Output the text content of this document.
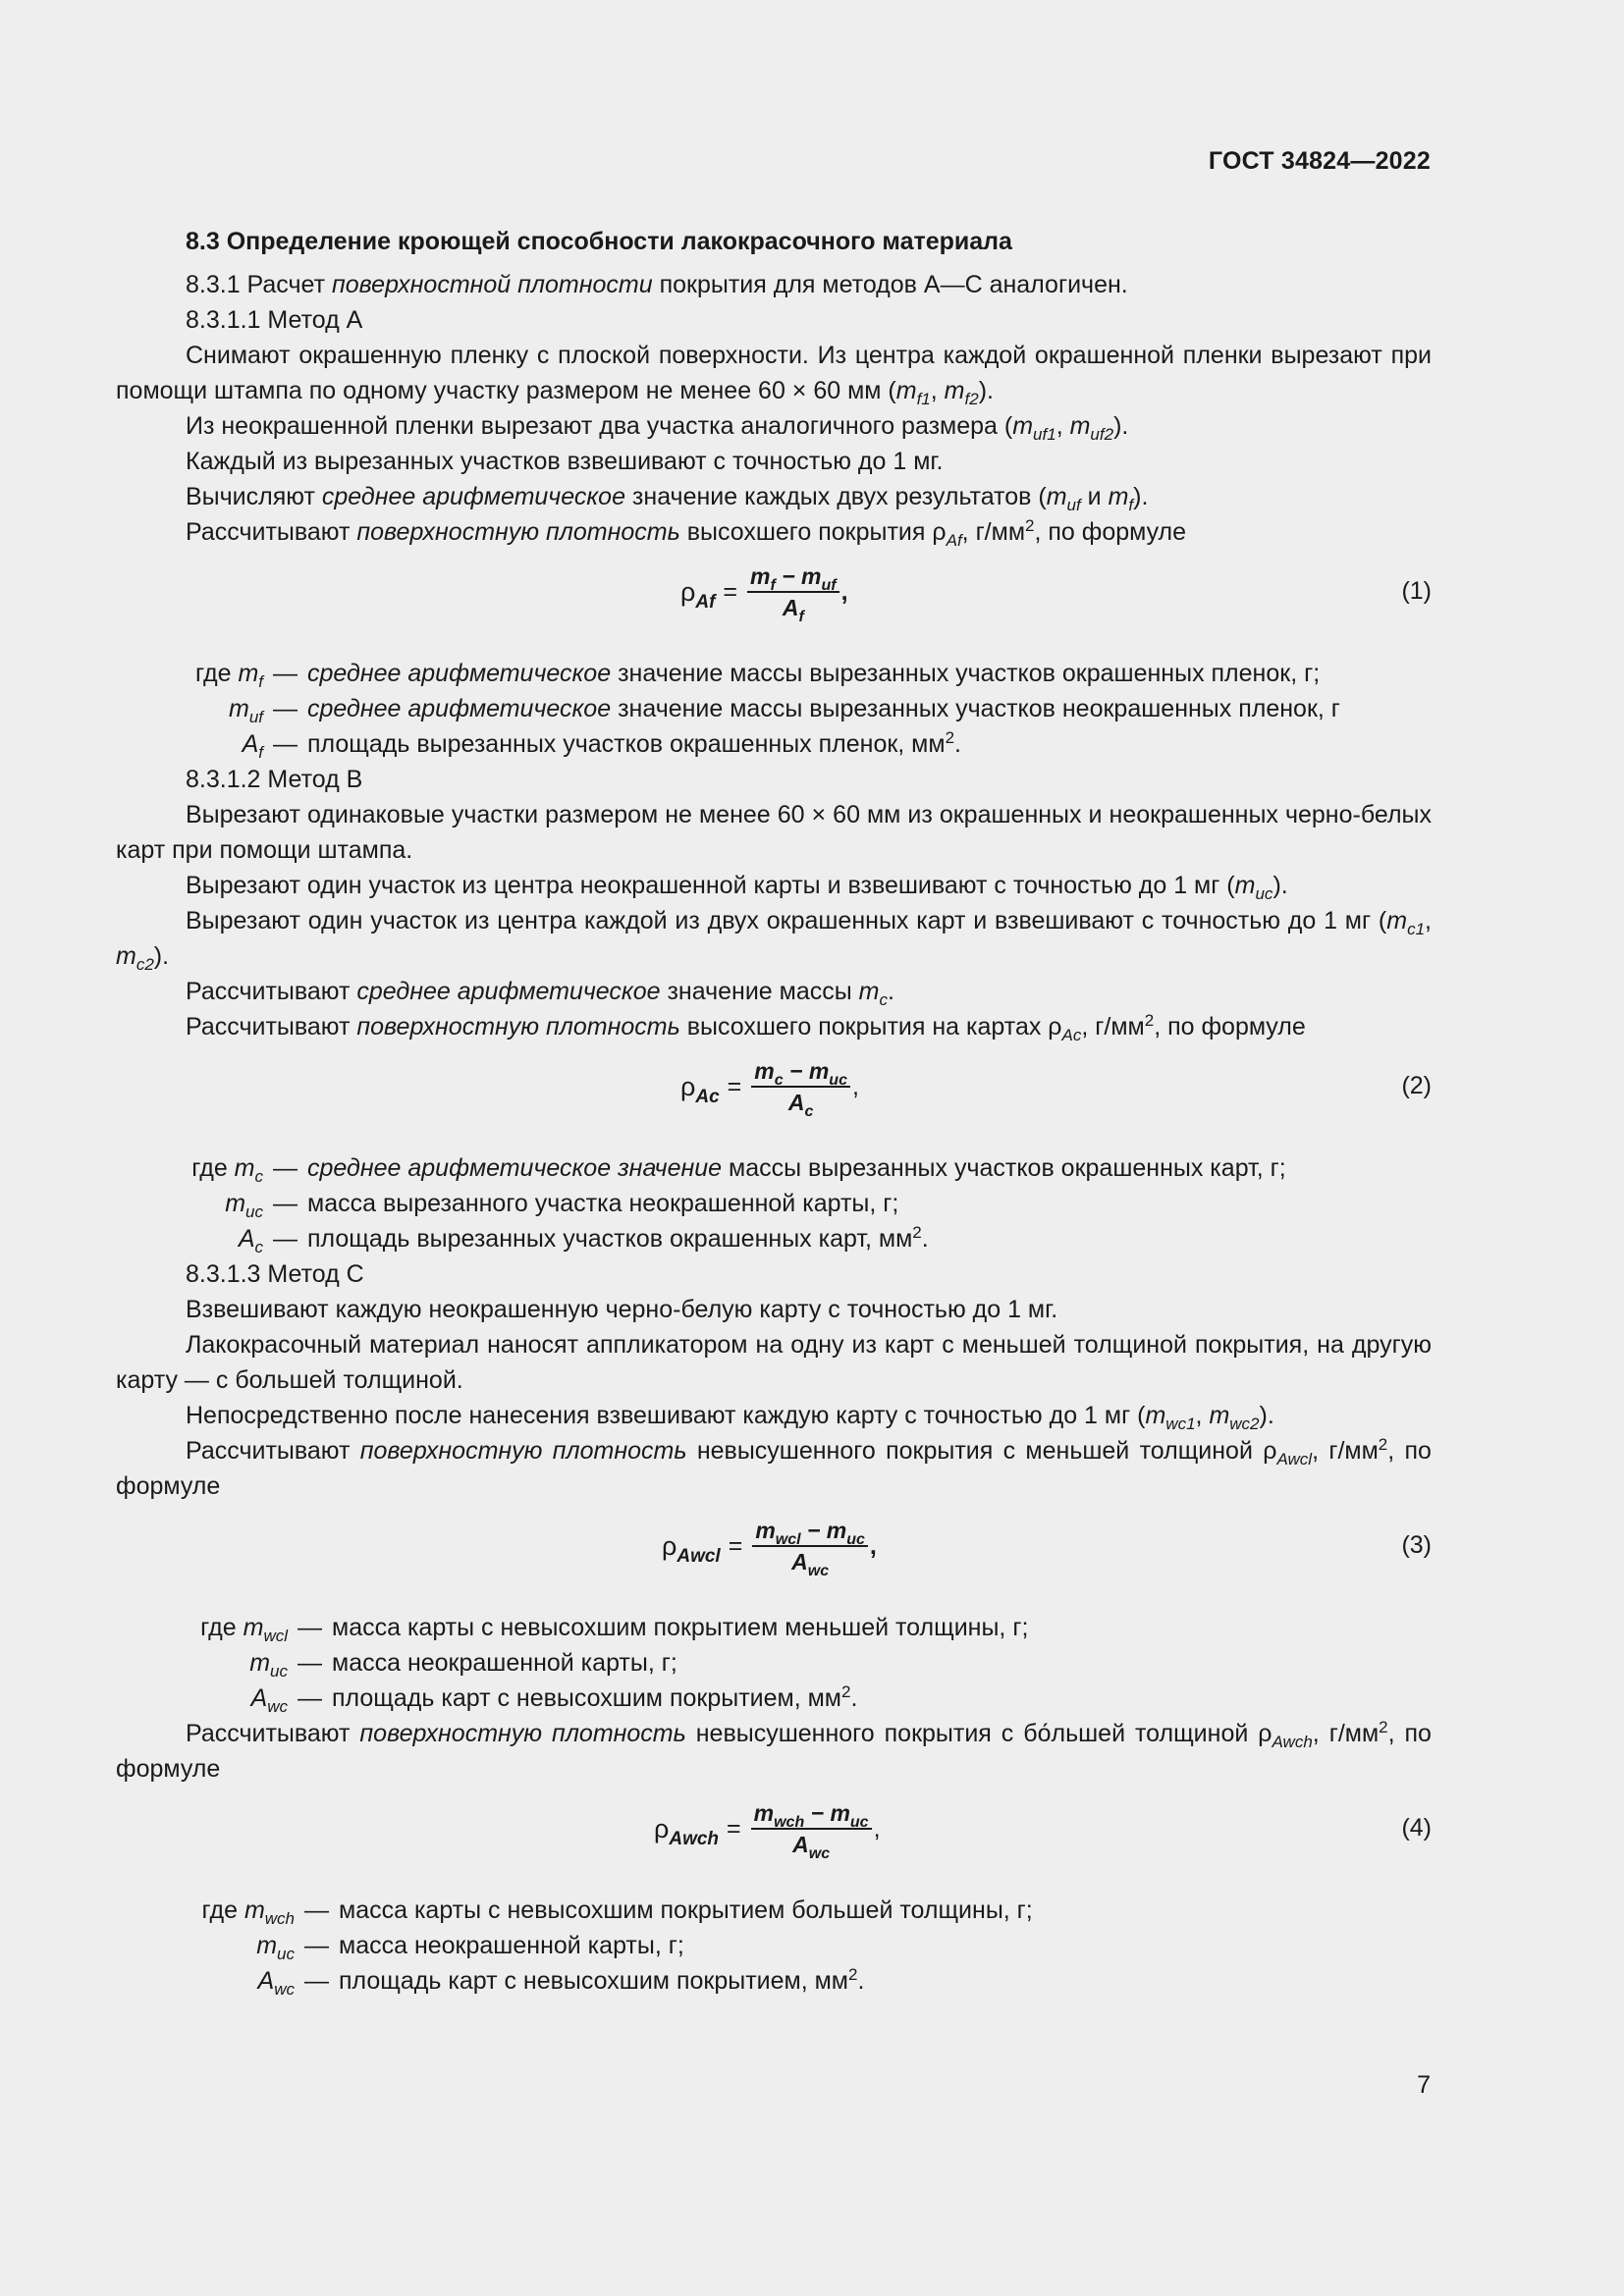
ГОСТ 34824—2022
8.3 Определение кроющей способности лакокрасочного материала
8.3.1 Расчет поверхностной плотности покрытия для методов А—С аналогичен.
8.3.1.1 Метод А
Снимают окрашенную пленку с плоской поверхности. Из центра каждой окрашенной пленки вырезают при помощи штампа по одному участку размером не менее 60 × 60 мм ($m_{f1}$, $m_{f2}$).
Из неокрашенной пленки вырезают два участка аналогичного размера ($m_{uf1}$, $m_{uf2}$).
Каждый из вырезанных участков взвешивают с точностью до 1 мг.
Вычисляют среднее арифметическое значение каждых двух результатов ($m_{uf}$ и $m_f$).
Рассчитывают поверхностную плотность высохшего покрытия $\rho_{Af}$, $г/мм^2$, по формуле
$\rho_{Af} = \frac{m_f - m_{uf}}{A_f}$ ,	(1)
где $m_f$ — среднее арифметическое значение массы вырезанных участков окрашенных пленок, г;
$m_{uf}$ — среднее арифметическое значение массы вырезанных участков неокрашенных пленок, г
$A_f$ — площадь вырезанных участков окрашенных пленок, $мм^2$.
8.3.1.2 Метод В
Вырезают одинаковые участки размером не менее 60 × 60 мм из окрашенных и неокрашенных черно-белых карт при помощи штампа.
Вырезают один участок из центра неокрашенной карты и взвешивают с точностью до 1 мг $(m_{uc})$.
Вырезают один участок из центра каждой из двух окрашенных карт и взвешивают с точностью до 1 мг ($m_{c1}$, $m_{c2}$).
Рассчитывают среднее арифметическое значение массы $m_c$.
Рассчитывают поверхностную плотность высохшего покрытия на картах $\rho_{Ac}$, $г/мм^2$, по формуле
$\rho_{Ac} = \frac{m_c - m_{uc}}{A_c}$ ,	(2)
где $m_c$ — среднее арифметическое значение массы вырезанных участков окрашенных карт, г;
$m_{uc}$ — масса вырезанного участка неокрашенной карты, г;
$A_c$ — площадь вырезанных участков окрашенных карт, $мм^2$.
8.3.1.3 Метод С
Взвешивают каждую неокрашенную черно-белую карту с точностью до 1 мг.
Лакокрасочный материал наносят аппликатором на одну из карт с меньшей толщиной покрытия, на другую карту — с большей толщиной.
Непосредственно после нанесения взвешивают каждую карту с точностью до 1 мг ($m_{wc1}$, $m_{wc2}$).
Рассчитывают поверхностную плотность невысушенного покрытия с меньшей толщиной $\rho_{Awcl}$, $г/мм^2$, по формуле
$\rho_{Awcl} = \frac{m_{wcl} - m_{uc}}{A_{wc}}$ ,	(3)
где $m_{wcl}$ — масса карты с невысохшим покрытием меньшей толщины, г;
$m_{uc}$ — масса неокрашенной карты, г;
$A_{wc}$ — площадь карт с невысохшим покрытием, $мм^2$.
Рассчитывают поверхностную плотность невысушенного покрытия с бо́льшей толщиной $\rho_{Awch}$, $г/мм^2$, по формуле
$\rho_{Awch} = \frac{m_{wch} - m_{uc}}{A_{wc}}$ ,	(4)
где $m_{wch}$ — масса карты с невысохшим покрытием большей толщины, г;
$m_{uc}$ — масса неокрашенной карты, г;
$A_{wc}$ — площадь карт с невысохшим покрытием, $мм^2$.
7
